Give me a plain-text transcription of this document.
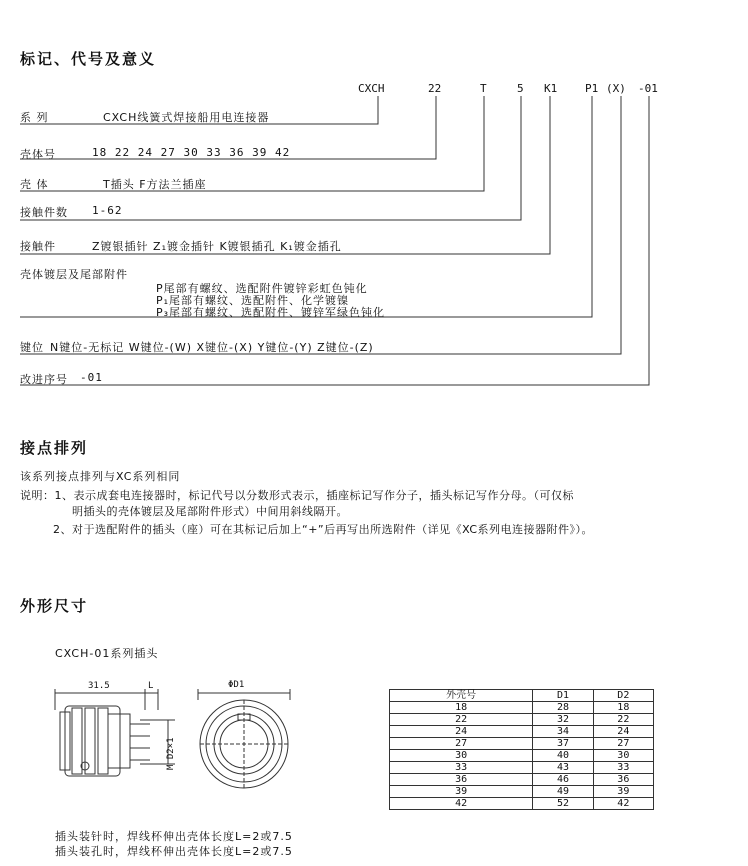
标记、代号及意义
CXCH	22	T	5 K1	P1 (X) -01
系 列	CXCH线簧式焊接船用电连接器
壳体号	18 22 24 27 30 33 36 39 42
壳 体	T插头 F方法兰插座
接触件数 1-62
接触件	Z镀银插针 Z₁镀金插针 K镀银插孔 K₁镀金插孔
壳体镀层及尾部附件
P尾部有螺纹、选配附件镀锌彩虹色钝化
P₁尾部有螺纹、选配附件、化学镀镍
P₃尾部有螺纹、选配附件、镀锌军绿色钝化
键位 N键位-无标记 W键位-(W) X键位-(X) Y键位-(Y) Z键位-(Z)
改进序号 -01
接点排列
该系列接点排列与XC系列相同
说明：1、表示成套电连接器时，标记代号以分数形式表示，插座标记写作分子，插头标记写作分母。（可仅标
明插头的壳体镀层及尾部附件形式）中间用斜线隔开。
2、对于选配附件的插头（座）可在其标记后加上“+”后再写出所选附件（详见《XC系列电连接器附件》）。
外形尺寸
CXCH-01系列插头
31.5	L	ΦD1
M D2×1
插头装针时，焊线杯伸出壳体长度L=2或7.5
插头装孔时，焊线杯伸出壳体长度L=2或7.5
外壳号	D1	D2
18	28	18
22	32	22
24	34	24
27	37	27
30	40	30
33	43	33
36	46	36
39	49	39
42	52	42
